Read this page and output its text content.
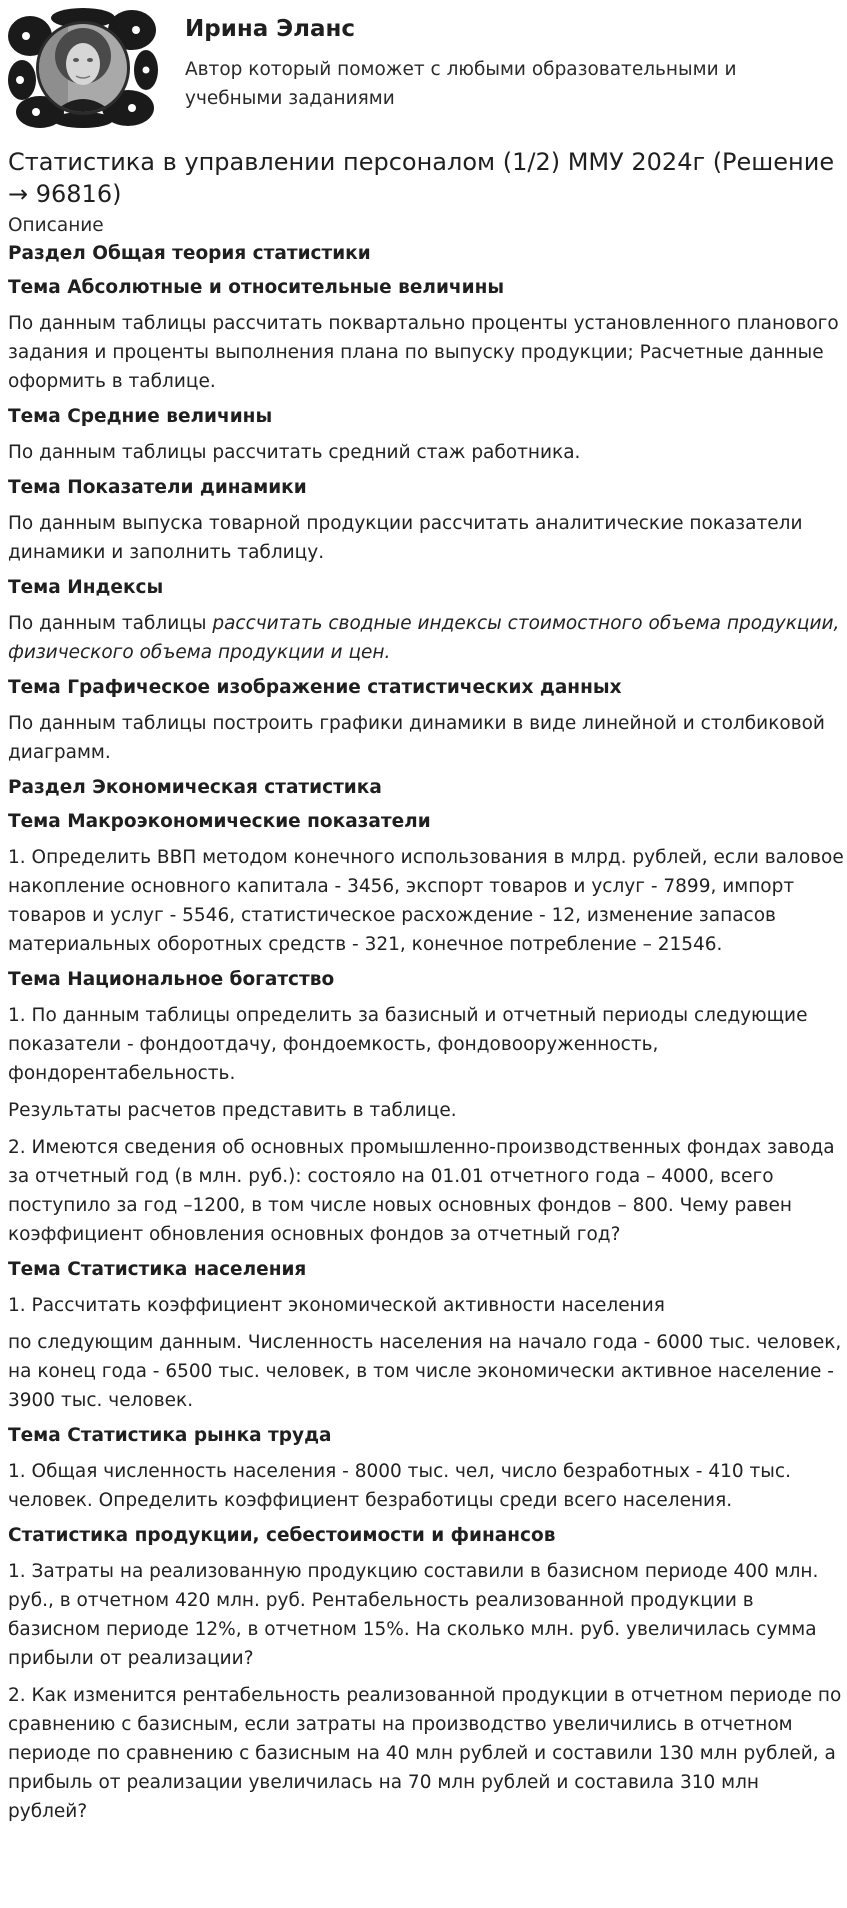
Ирина Эланс
Автор который поможет с любыми образовательными и учебными заданиями
Статистика в управлении персоналом (1/2) ММУ 2024г (Решение → 96816)
Описание
Раздел Общая теория статистики
Тема Абсолютные и относительные величины

По данным таблицы рассчитать поквартально проценты установленного планового задания и проценты выполнения плана по выпуску продукции; Расчетные данные оформить в таблице.

Тема Средние величины

По данным таблицы рассчитать средний стаж работника.

Тема Показатели динамики

По данным выпуска товарной продукции рассчитать аналитические показатели динамики и заполнить таблицу.

Тема Индексы

По данным таблицы рассчитать сводные индексы стоимостного объема продукции, физического объема продукции и цен.

Тема Графическое изображение статистических данных

По данным таблицы построить графики динамики в виде линейной и столбиковой диаграмм.

Раздел Экономическая статистика
Тема Макроэкономические показатели

1. Определить ВВП методом конечного использования в млрд. рублей, если валовое накопление основного капитала - 3456, экспорт товаров и услуг - 7899, импорт товаров и услуг - 5546, статистическое расхождение - 12, изменение запасов материальных оборотных средств - 321, конечное потребление – 21546.

Тема Национальное богатство

1. По данным таблицы определить за базисный и отчетный периоды следующие показатели - фондоотдачу, фондоемкость, фондовооруженность, фондорентабельность.

Результаты расчетов представить в таблице.

2. Имеются сведения об основных промышленно-производственных фондах завода за отчетный год (в млн. руб.): состояло на 01.01 отчетного года – 4000, всего поступило за год –1200, в том числе новых основных фондов – 800. Чему равен коэффициент обновления основных фондов за отчетный год?

Тема Статистика населения

1. Рассчитать коэффициент экономической активности населения

по следующим данным. Численность населения на начало года - 6000 тыс. человек, на конец года - 6500 тыс. человек, в том числе экономически активное население - 3900 тыс. человек.

Тема Статистика рынка труда

1. Общая численность населения - 8000 тыс. чел, число безработных - 410 тыс. человек. Определить коэффициент безработицы среди всего населения.

Статистика продукции, себестоимости и финансов

1. Затраты на реализованную продукцию составили в базисном периоде 400 млн. руб., в отчетном 420 млн. руб. Рентабельность реализованной продукции в базисном периоде 12%, в отчетном 15%. На сколько млн. руб. увеличилась сумма прибыли от реализации?

2. Как изменится рентабельность реализованной продукции в отчетном периоде по сравнению с базисным, если затраты на производство увеличились в отчетном периоде по сравнению с базисным на 40 млн рублей и составили 130 млн рублей, а прибыль от реализации увеличилась на 70 млн рублей и составила 310 млн рублей?
